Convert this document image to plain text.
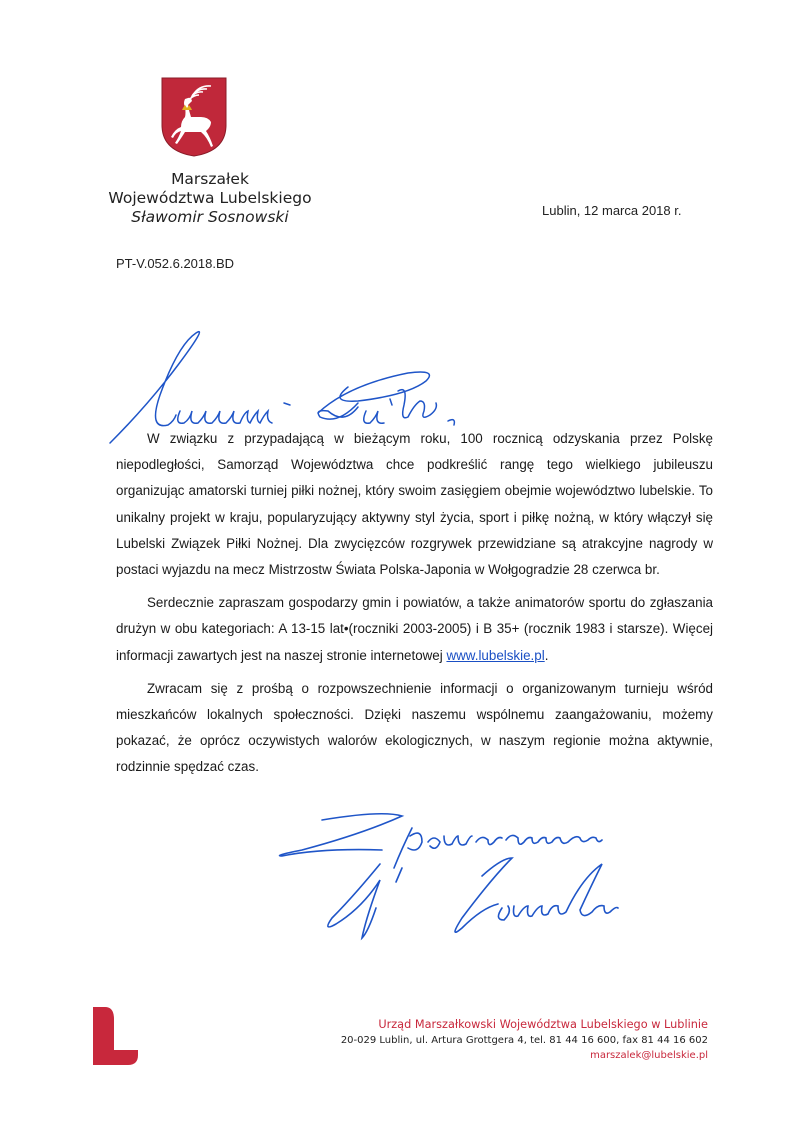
Marszałek
Województwa Lubelskiego
Sławomir Sosnowski
PT-V.052.6.2018.BD
Lublin, 12 marca 2018 r.

W związku z przypadającą w bieżącym roku, 100 rocznicą odzyskania przez Polskę niepodległości, Samorząd Województwa chce podkreślić rangę tego wielkiego jubileuszu organizując amatorski turniej piłki nożnej, który swoim zasięgiem obejmie województwo lubelskie. To unikalny projekt w kraju, popularyzujący aktywny styl życia, sport i piłkę nożną, w który włączył się Lubelski Związek Piłki Nożnej. Dla zwycięzców rozgrywek przewidziane są atrakcyjne nagrody w postaci wyjazdu na mecz Mistrzostw Świata Polska-Japonia w Wołgogradzie 28 czerwca br.

Serdecznie zapraszam gospodarzy gmin i powiatów, a także animatorów sportu do zgłaszania drużyn w obu kategoriach: A 13-15 lat•(roczniki 2003-2005) i B 35+ (rocznik 1983 i starsze). Więcej informacji zawartych jest na naszej stronie internetowej www.lubelskie.pl.

Zwracam się z prośbą o rozpowszechnienie informacji o organizowanym turnieju wśród mieszkańców lokalnych społeczności. Dzięki naszemu wspólnemu zaangażowaniu, możemy pokazać, że oprócz oczywistych walorów ekologicznych, w naszym regionie można aktywnie, rodzinnie spędzać czas.

Urząd Marszałkowski Województwa Lubelskiego w Lublinie
20-029 Lublin, ul. Artura Grottgera 4, tel. 81 44 16 600, fax 81 44 16 602
marszalek@lubelskie.pl
